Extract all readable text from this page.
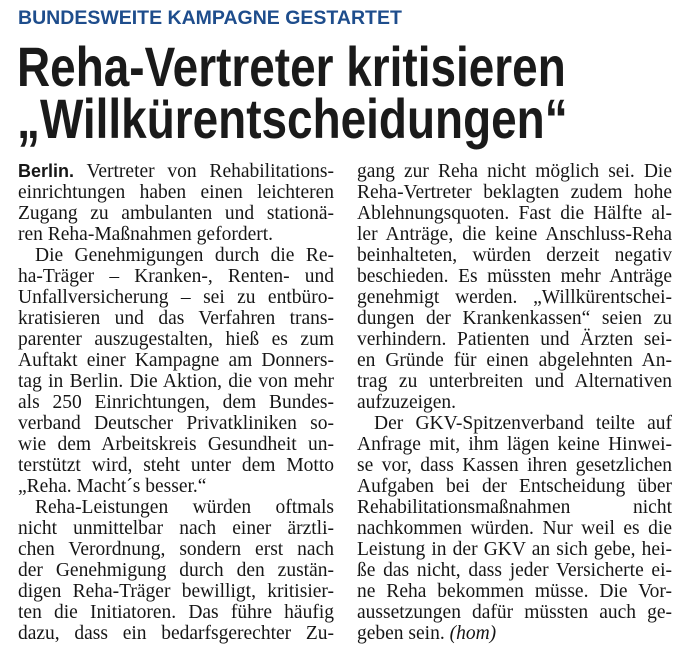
BUNDESWEITE KAMPAGNE GESTARTET
Reha-Vertreter kritisieren
„Willkürentscheidungen“
Berlin. Vertreter von Rehabilitations-
einrichtungen haben einen leichteren
Zugang zu ambulanten und stationä-
ren Reha-Maßnahmen gefordert.
Die Genehmigungen durch die Re-
ha-Träger – Kranken-, Renten- und
Unfallversicherung – sei zu entbüro-
kratisieren und das Verfahren trans-
parenter auszugestalten, hieß es zum
Auftakt einer Kampagne am Donners-
tag in Berlin. Die Aktion, die von mehr
als 250 Einrichtungen, dem Bundes-
verband Deutscher Privatkliniken so-
wie dem Arbeitskreis Gesundheit un-
terstützt wird, steht unter dem Motto
„Reha. Macht´s besser.“
Reha-Leistungen würden oftmals
nicht unmittelbar nach einer ärztli-
chen Verordnung, sondern erst nach
der Genehmigung durch den zustän-
digen Reha-Träger bewilligt, kritisier-
ten die Initiatoren. Das führe häufig
dazu, dass ein bedarfsgerechter Zu-
gang zur Reha nicht möglich sei. Die
Reha-Vertreter beklagten zudem hohe
Ablehnungsquoten. Fast die Hälfte al-
ler Anträge, die keine Anschluss-Reha
beinhalteten, würden derzeit negativ
beschieden. Es müssten mehr Anträge
genehmigt werden. „Willkürentschei-
dungen der Krankenkassen“ seien zu
verhindern. Patienten und Ärzten sei-
en Gründe für einen abgelehnten An-
trag zu unterbreiten und Alternativen
aufzuzeigen.
Der GKV-Spitzenverband teilte auf
Anfrage mit, ihm lägen keine Hinwei-
se vor, dass Kassen ihren gesetzlichen
Aufgaben bei der Entscheidung über
Rehabilitationsmaßnahmen nicht
nachkommen würden. Nur weil es die
Leistung in der GKV an sich gebe, hei-
ße das nicht, dass jeder Versicherte ei-
ne Reha bekommen müsse. Die Vor-
aussetzungen dafür müssten auch ge-
geben sein. (hom)
